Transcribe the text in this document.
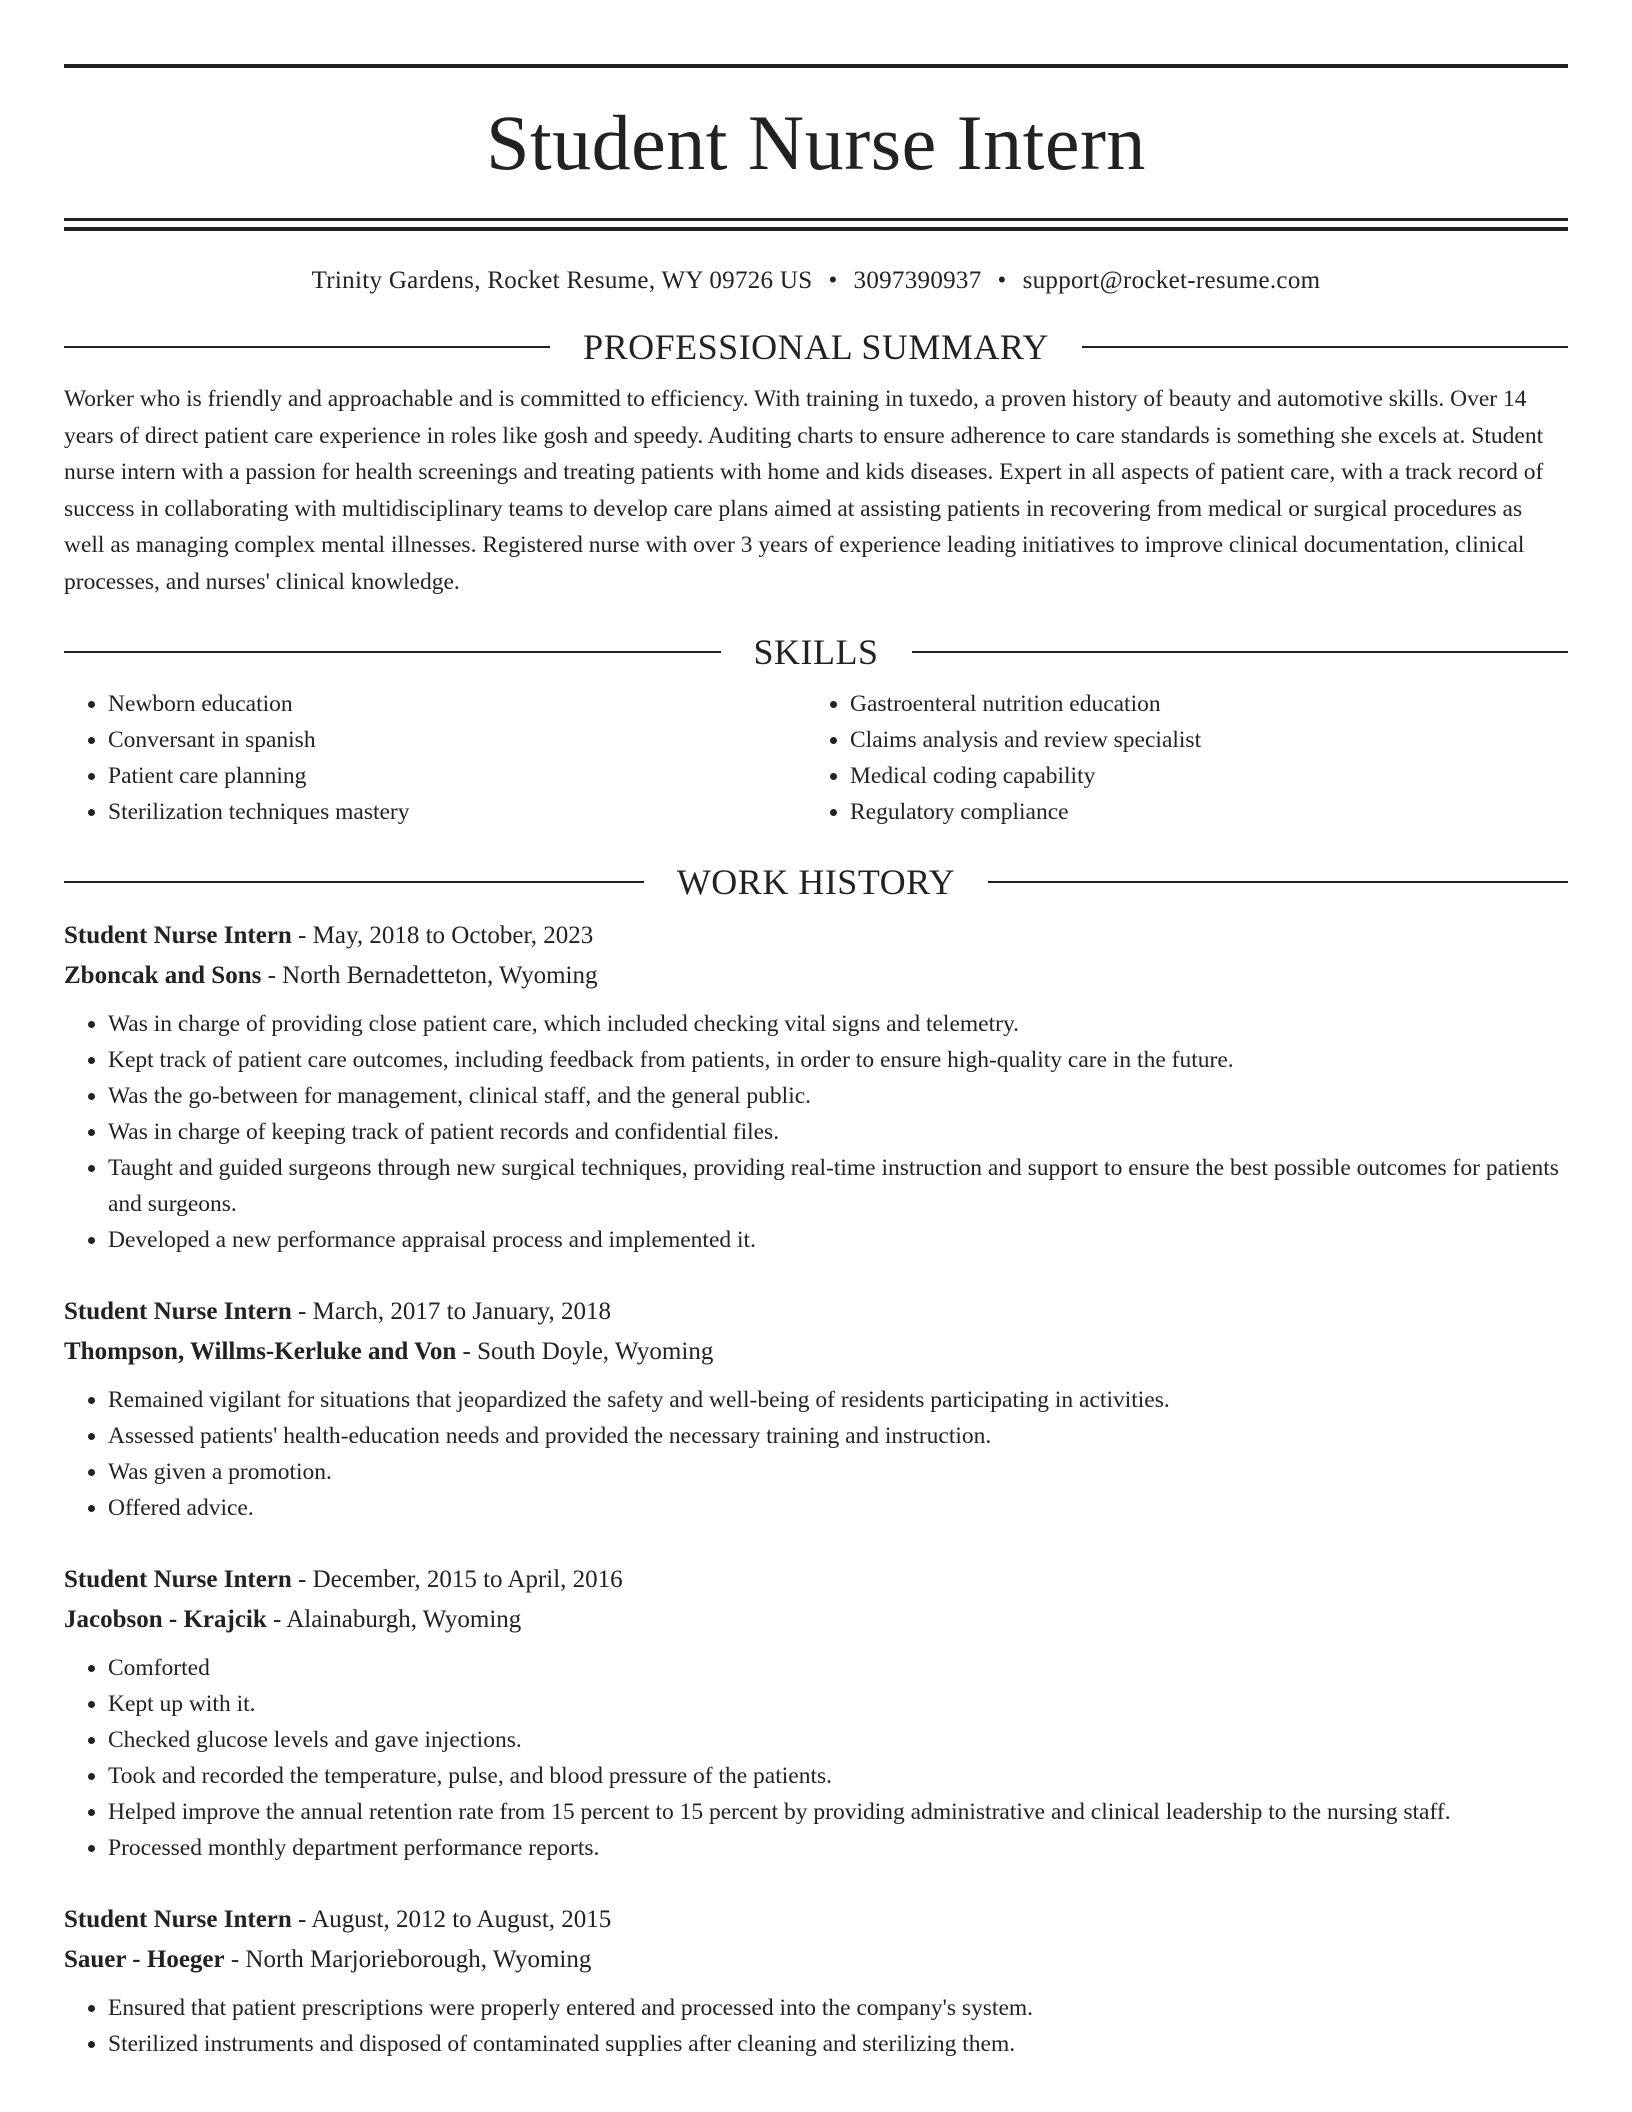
Student Nurse Intern
Trinity Gardens, Rocket Resume, WY 09726 US • 3097390937 • support@rocket-resume.com
PROFESSIONAL SUMMARY
Worker who is friendly and approachable and is committed to efficiency. With training in tuxedo, a proven history of beauty and automotive skills. Over 14 years of direct patient care experience in roles like gosh and speedy. Auditing charts to ensure adherence to care standards is something she excels at. Student nurse intern with a passion for health screenings and treating patients with home and kids diseases. Expert in all aspects of patient care, with a track record of success in collaborating with multidisciplinary teams to develop care plans aimed at assisting patients in recovering from medical or surgical procedures as well as managing complex mental illnesses. Registered nurse with over 3 years of experience leading initiatives to improve clinical documentation, clinical processes, and nurses' clinical knowledge.
SKILLS
• Newborn education
• Conversant in spanish
• Patient care planning
• Sterilization techniques mastery
• Gastroenteral nutrition education
• Claims analysis and review specialist
• Medical coding capability
• Regulatory compliance
WORK HISTORY
Student Nurse Intern - May, 2018 to October, 2023
Zboncak and Sons - North Bernadetteton, Wyoming
• Was in charge of providing close patient care, which included checking vital signs and telemetry.
• Kept track of patient care outcomes, including feedback from patients, in order to ensure high-quality care in the future.
• Was the go-between for management, clinical staff, and the general public.
• Was in charge of keeping track of patient records and confidential files.
• Taught and guided surgeons through new surgical techniques, providing real-time instruction and support to ensure the best possible outcomes for patients and surgeons.
• Developed a new performance appraisal process and implemented it.
Student Nurse Intern - March, 2017 to January, 2018
Thompson, Willms-Kerluke and Von - South Doyle, Wyoming
• Remained vigilant for situations that jeopardized the safety and well-being of residents participating in activities.
• Assessed patients' health-education needs and provided the necessary training and instruction.
• Was given a promotion.
• Offered advice.
Student Nurse Intern - December, 2015 to April, 2016
Jacobson - Krajcik - Alainaburgh, Wyoming
• Comforted
• Kept up with it.
• Checked glucose levels and gave injections.
• Took and recorded the temperature, pulse, and blood pressure of the patients.
• Helped improve the annual retention rate from 15 percent to 15 percent by providing administrative and clinical leadership to the nursing staff.
• Processed monthly department performance reports.
Student Nurse Intern - August, 2012 to August, 2015
Sauer - Hoeger - North Marjorieborough, Wyoming
• Ensured that patient prescriptions were properly entered and processed into the company's system.
• Sterilized instruments and disposed of contaminated supplies after cleaning and sterilizing them.
